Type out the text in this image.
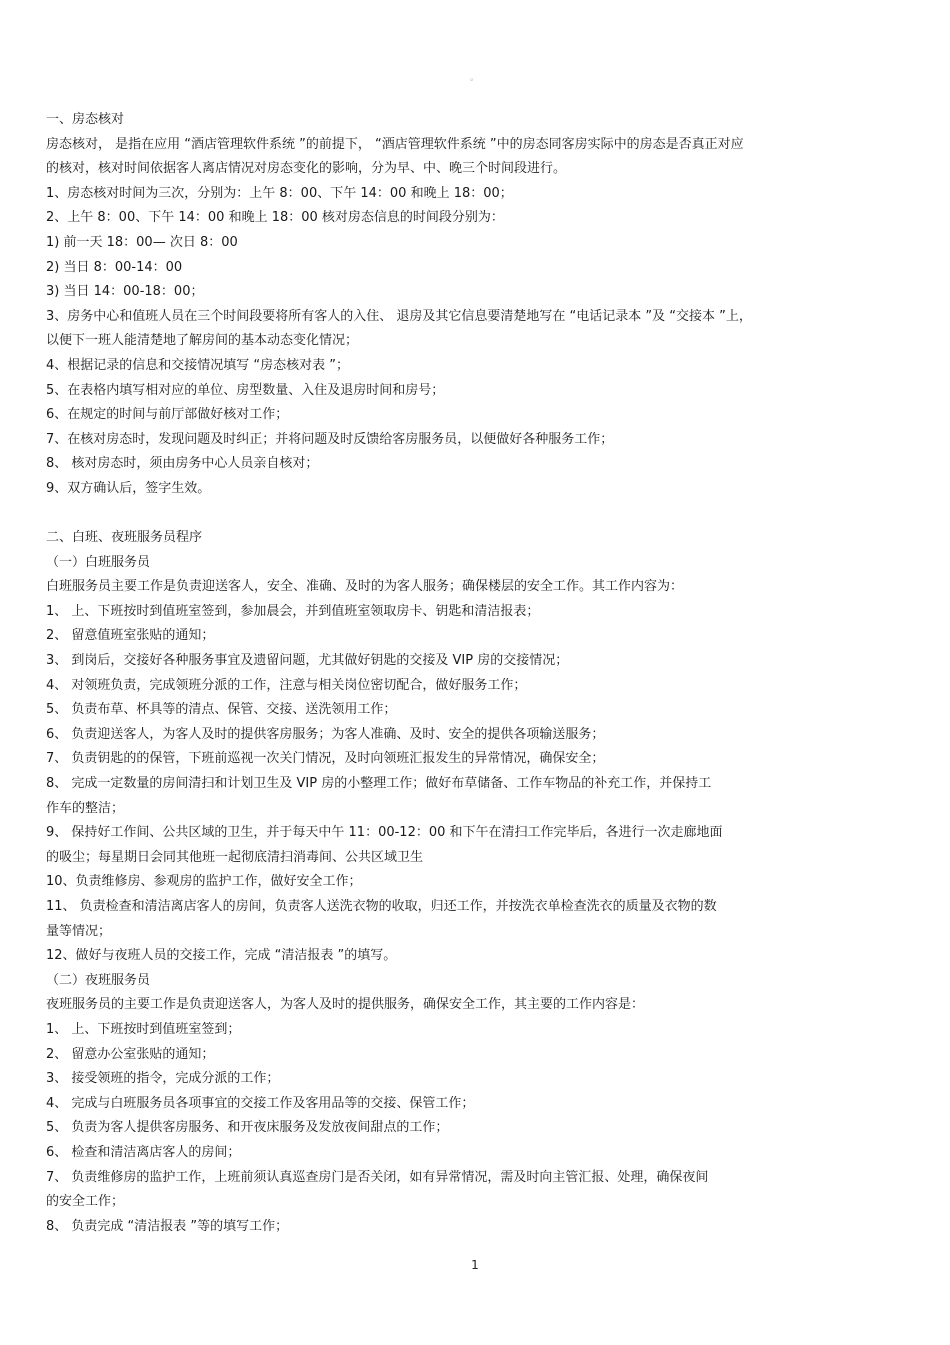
。
一、房态核对
房态核对， 是指在应用 “酒店管理软件系统 ”的前提下， “酒店管理软件系统 ”中的房态同客房实际中的房态是否真正对应
的核对，核对时间依据客人离店情况对房态变化的影响，分为早、中、晚三个时间段进行。
1、房态核对时间为三次，分别为：上午 8：00、下午 14：00 和晚上 18：00；
2、上午 8：00、下午 14：00 和晚上 18：00 核对房态信息的时间段分别为：
1) 前一天 18：00— 次日 8：00
2) 当日 8：00-14：00
3) 当日 14：00-18：00；
3、房务中心和值班人员在三个时间段要将所有客人的入住、 退房及其它信息要清楚地写在 “电话记录本 ”及 “交接本 ”上，
以便下一班人能清楚地了解房间的基本动态变化情况；
4、根据记录的信息和交接情况填写 “房态核对表 ”；
5、在表格内填写相对应的单位、房型数量、入住及退房时间和房号；
6、在规定的时间与前厅部做好核对工作；
7、在核对房态时，发现问题及时纠正；并将问题及时反馈给客房服务员，以便做好各种服务工作；
8、 核对房态时，须由房务中心人员亲自核对；
9、双方确认后，签字生效。
二、白班、夜班服务员程序
（一）白班服务员
白班服务员主要工作是负责迎送客人，安全、准确、及时的为客人服务；确保楼层的安全工作。其工作内容为：
1、 上、下班按时到值班室签到，参加晨会，并到值班室领取房卡、钥匙和清洁报表；
2、 留意值班室张贴的通知；
3、 到岗后，交接好各种服务事宜及遗留问题，尤其做好钥匙的交接及 VIP 房的交接情况；
4、 对领班负责，完成领班分派的工作，注意与相关岗位密切配合，做好服务工作；
5、 负责布草、杯具等的清点、保管、交接、送洗领用工作；
6、 负责迎送客人，为客人及时的提供客房服务；为客人准确、及时、安全的提供各项输送服务；
7、 负责钥匙的的保管，下班前巡视一次关门情况，及时向领班汇报发生的异常情况，确保安全；
8、 完成一定数量的房间清扫和计划卫生及 VIP 房的小整理工作；做好布草储备、工作车物品的补充工作，并保持工
作车的整洁；
9、 保持好工作间、公共区域的卫生，并于每天中午 11：00-12：00 和下午在清扫工作完毕后，各进行一次走廊地面
的吸尘；每星期日会同其他班一起彻底清扫消毒间、公共区域卫生
10、负责维修房、参观房的监护工作，做好安全工作；
11、 负责检查和清洁离店客人的房间，负责客人送洗衣物的收取，归还工作，并按洗衣单检查洗衣的质量及衣物的数
量等情况；
12、做好与夜班人员的交接工作，完成 “清洁报表 ”的填写。
（二）夜班服务员
夜班服务员的主要工作是负责迎送客人，为客人及时的提供服务，确保安全工作，其主要的工作内容是：
1、 上、下班按时到值班室签到；
2、 留意办公室张贴的通知；
3、 接受领班的指令，完成分派的工作；
4、 完成与白班服务员各项事宜的交接工作及客用品等的交接、保管工作；
5、 负责为客人提供客房服务、和开夜床服务及发放夜间甜点的工作；
6、 检查和清洁离店客人的房间；
7、 负责维修房的监护工作，上班前须认真巡查房门是否关闭，如有异常情况，需及时向主管汇报、处理，确保夜间
的安全工作；
8、 负责完成 “清洁报表 ”等的填写工作；
1
